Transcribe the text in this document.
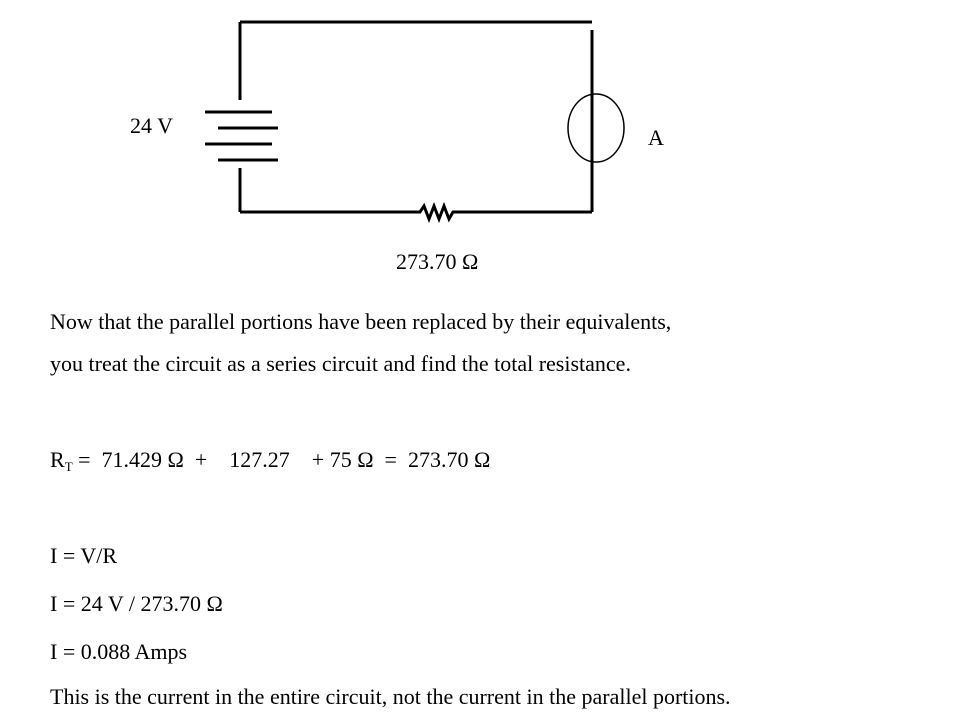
24 V	A
273.70 Ω
Now that the parallel portions have been replaced by their equivalents,
you treat the circuit as a series circuit and find the total resistance.
$R_T = 71.429$ Ω  +    127.27    + 75 Ω  =  273.70 Ω
I = V/R
I = 24 V / 273.70 Ω
I = 0.088 Amps
This is the current in the entire circuit, not the current in the parallel portions.
